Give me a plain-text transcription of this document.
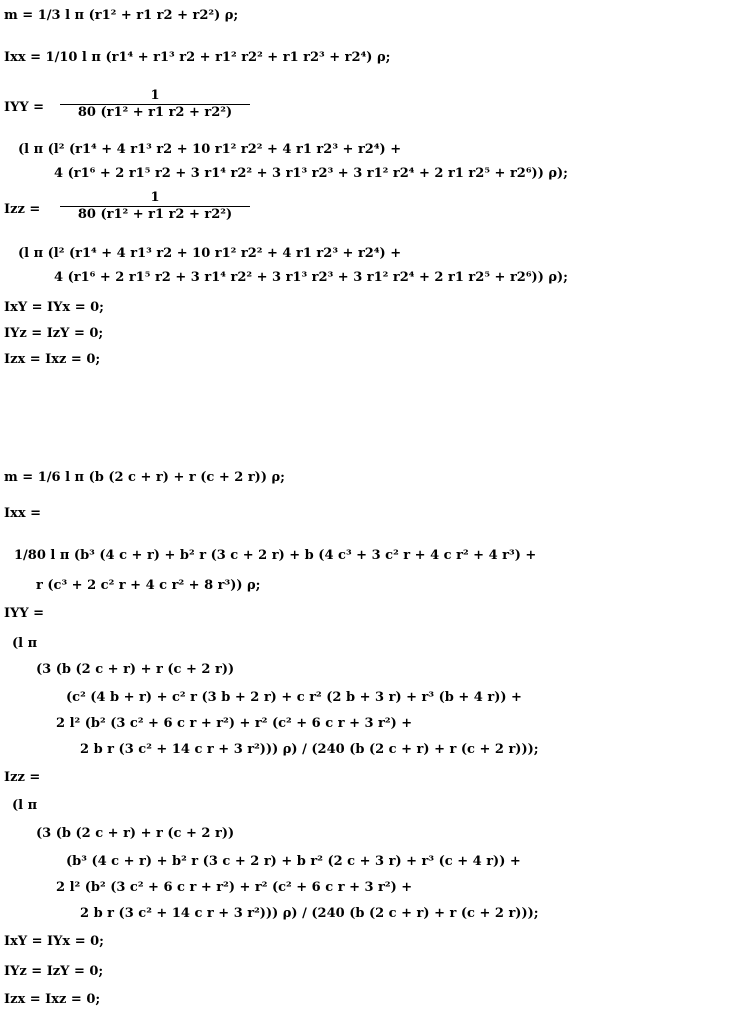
m = 1/3 l π (r1² + r1 r2 + r2²) ρ;
Ixx = 1/10 l π (r1⁴ + r1³ r2 + r1² r2² + r1 r2³ + r2⁴) ρ;
IYY =
1
80 (r1² + r1 r2 + r2²)
(l π (l² (r1⁴ + 4 r1³ r2 + 10 r1² r2² + 4 r1 r2³ + r2⁴) +
4 (r1⁶ + 2 r1⁵ r2 + 3 r1⁴ r2² + 3 r1³ r2³ + 3 r1² r2⁴ + 2 r1 r2⁵ + r2⁶)) ρ);
Izz =
1
80 (r1² + r1 r2 + r2²)
(l π (l² (r1⁴ + 4 r1³ r2 + 10 r1² r2² + 4 r1 r2³ + r2⁴) +
4 (r1⁶ + 2 r1⁵ r2 + 3 r1⁴ r2² + 3 r1³ r2³ + 3 r1² r2⁴ + 2 r1 r2⁵ + r2⁶)) ρ);
IxY = IYx = 0;
IYz = IzY = 0;
Izx = Ixz = 0;
m = 1/6 l π (b (2 c + r) + r (c + 2 r)) ρ;
Ixx =
1/80 l π (b³ (4 c + r) + b² r (3 c + 2 r) + b (4 c³ + 3 c² r + 4 c r² + 4 r³) +
r (c³ + 2 c² r + 4 c r² + 8 r³)) ρ;
IYY =
(l π
(3 (b (2 c + r) + r (c + 2 r))
(c² (4 b + r) + c² r (3 b + 2 r) + c r² (2 b + 3 r) + r³ (b + 4 r)) +
2 l² (b² (3 c² + 6 c r + r²) + r² (c² + 6 c r + 3 r²) +
2 b r (3 c² + 14 c r + 3 r²))) ρ) / (240 (b (2 c + r) + r (c + 2 r)));
Izz =
(l π
(3 (b (2 c + r) + r (c + 2 r))
(b³ (4 c + r) + b² r (3 c + 2 r) + b r² (2 c + 3 r) + r³ (c + 4 r)) +
2 l² (b² (3 c² + 6 c r + r²) + r² (c² + 6 c r + 3 r²) +
2 b r (3 c² + 14 c r + 3 r²))) ρ) / (240 (b (2 c + r) + r (c + 2 r)));
IxY = IYx = 0;
IYz = IzY = 0;
Izx = Ixz = 0;
